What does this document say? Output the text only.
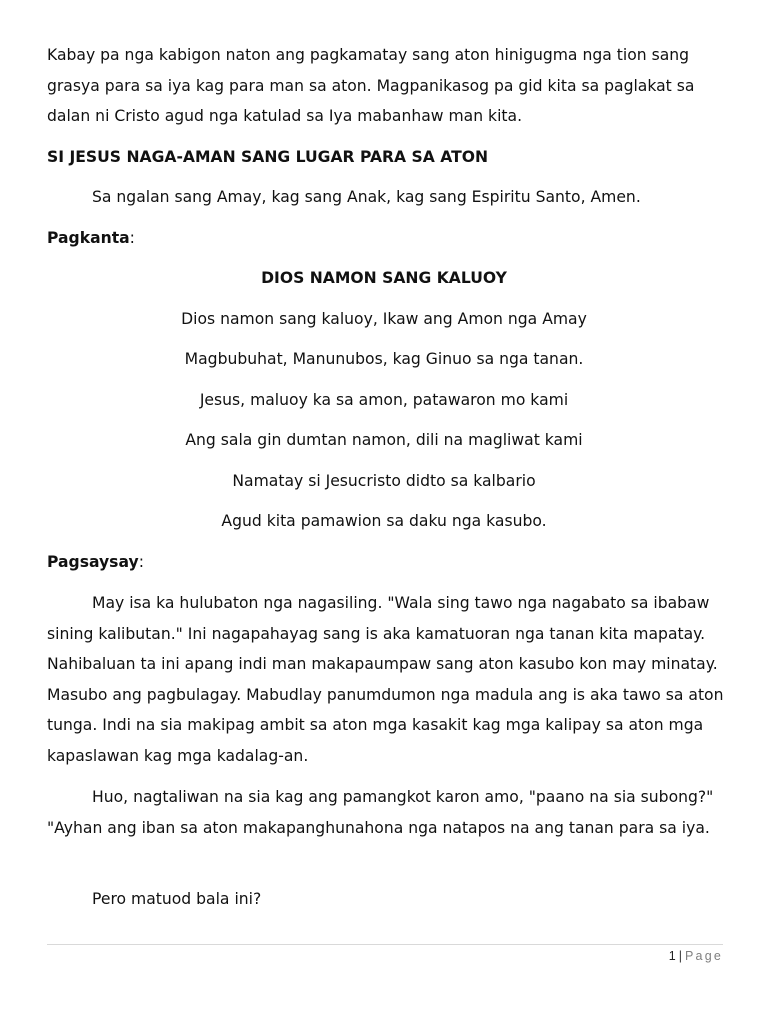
Kabay pa nga kabigon naton ang pagkamatay sang aton hinigugma nga tion sang grasya para sa iya kag para man sa aton. Magpanikasog pa gid kita sa paglakat sa dalan ni Cristo agud nga katulad sa Iya mabanhaw man kita.

SI JESUS NAGA-AMAN SANG LUGAR PARA SA ATON

Sa ngalan sang Amay, kag sang Anak, kag sang Espiritu Santo, Amen.

Pagkanta:

DIOS NAMON SANG KALUOY

Dios namon sang kaluoy, Ikaw ang Amon nga Amay

Magbubuhat, Manunubos, kag Ginuo sa nga tanan.

Jesus, maluoy ka sa amon, patawaron mo kami

Ang sala gin dumtan namon, dili na magliwat kami

Namatay si Jesucristo didto sa kalbario

Agud kita pamawion sa daku nga kasubo.

Pagsaysay:

May isa ka hulubaton nga nagasiling. "Wala sing tawo nga nagabato sa ibabaw sining kalibutan." Ini nagapahayag sang is aka kamatuoran nga tanan kita mapatay. Nahibaluan ta ini apang indi man makapaumpaw sang aton kasubo kon may minatay. Masubo ang pagbulagay. Mabudlay panumdumon nga madula ang is aka tawo sa aton tunga. Indi na sia makipag ambit sa aton mga kasakit kag mga kalipay sa aton mga kapaslawan kag mga kadalag-an.

Huo, nagtaliwan na sia kag ang pamangkot karon amo, "paano na sia subong?" "Ayhan ang iban sa aton makapanghunahona nga natapos na ang tanan para sa iya.

Pero matuod bala ini?

1 | Page
